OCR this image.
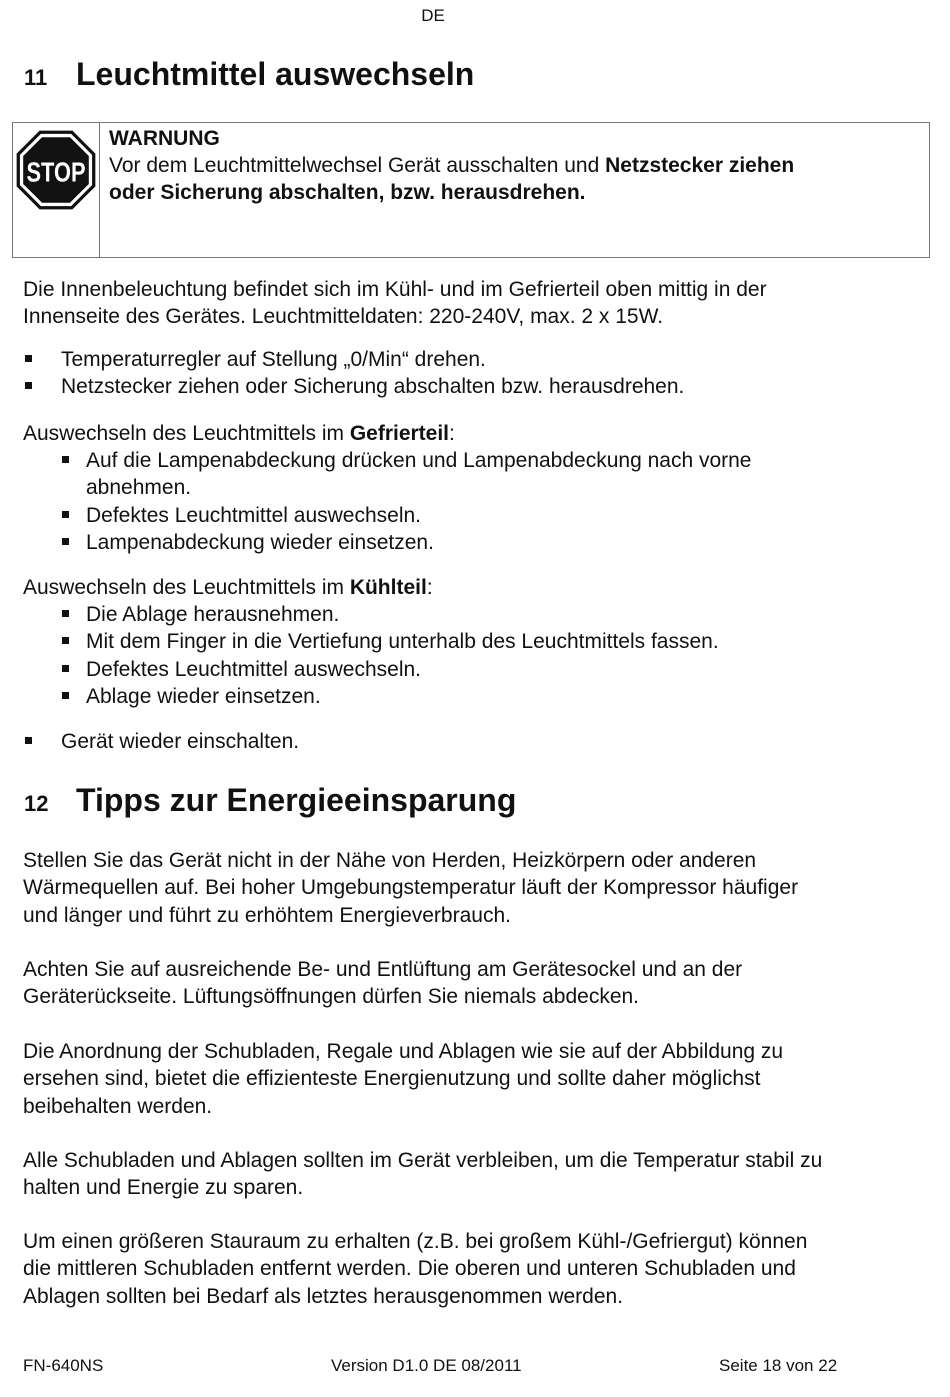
DE
11 Leuchtmittel auswechseln
STOP
WARNUNG
Vor dem Leuchtmittelwechsel Gerät ausschalten und Netzstecker ziehen
oder Sicherung abschalten, bzw. herausdrehen.
Die Innenbeleuchtung befindet sich im Kühl- und im Gefrierteil oben mittig in der
Innenseite des Gerätes. Leuchtmitteldaten: 220-240V, max. 2 x 15W.
Temperaturregler auf Stellung „0/Min“ drehen.
Netzstecker ziehen oder Sicherung abschalten bzw. herausdrehen.
Auswechseln des Leuchtmittels im Gefrierteil:
Auf die Lampenabdeckung drücken und Lampenabdeckung nach vorne
abnehmen.
Defektes Leuchtmittel auswechseln.
Lampenabdeckung wieder einsetzen.
Auswechseln des Leuchtmittels im Kühlteil:
Die Ablage herausnehmen.
Mit dem Finger in die Vertiefung unterhalb des Leuchtmittels fassen.
Defektes Leuchtmittel auswechseln.
Ablage wieder einsetzen.
Gerät wieder einschalten.
12 Tipps zur Energieeinsparung
Stellen Sie das Gerät nicht in der Nähe von Herden, Heizkörpern oder anderen
Wärmequellen auf. Bei hoher Umgebungstemperatur läuft der Kompressor häufiger
und länger und führt zu erhöhtem Energieverbrauch.
Achten Sie auf ausreichende Be- und Entlüftung am Gerätesockel und an der
Geräterückseite. Lüftungsöffnungen dürfen Sie niemals abdecken.
Die Anordnung der Schubladen, Regale und Ablagen wie sie auf der Abbildung zu
ersehen sind, bietet die effizienteste Energienutzung und sollte daher möglichst
beibehalten werden.
Alle Schubladen und Ablagen sollten im Gerät verbleiben, um die Temperatur stabil zu
halten und Energie zu sparen.
Um einen größeren Stauraum zu erhalten (z.B. bei großem Kühl-/Gefriergut) können
die mittleren Schubladen entfernt werden. Die oberen und unteren Schubladen und
Ablagen sollten bei Bedarf als letztes herausgenommen werden.
FN-640NS	Version D1.0 DE 08/2011	Seite 18 von 22
